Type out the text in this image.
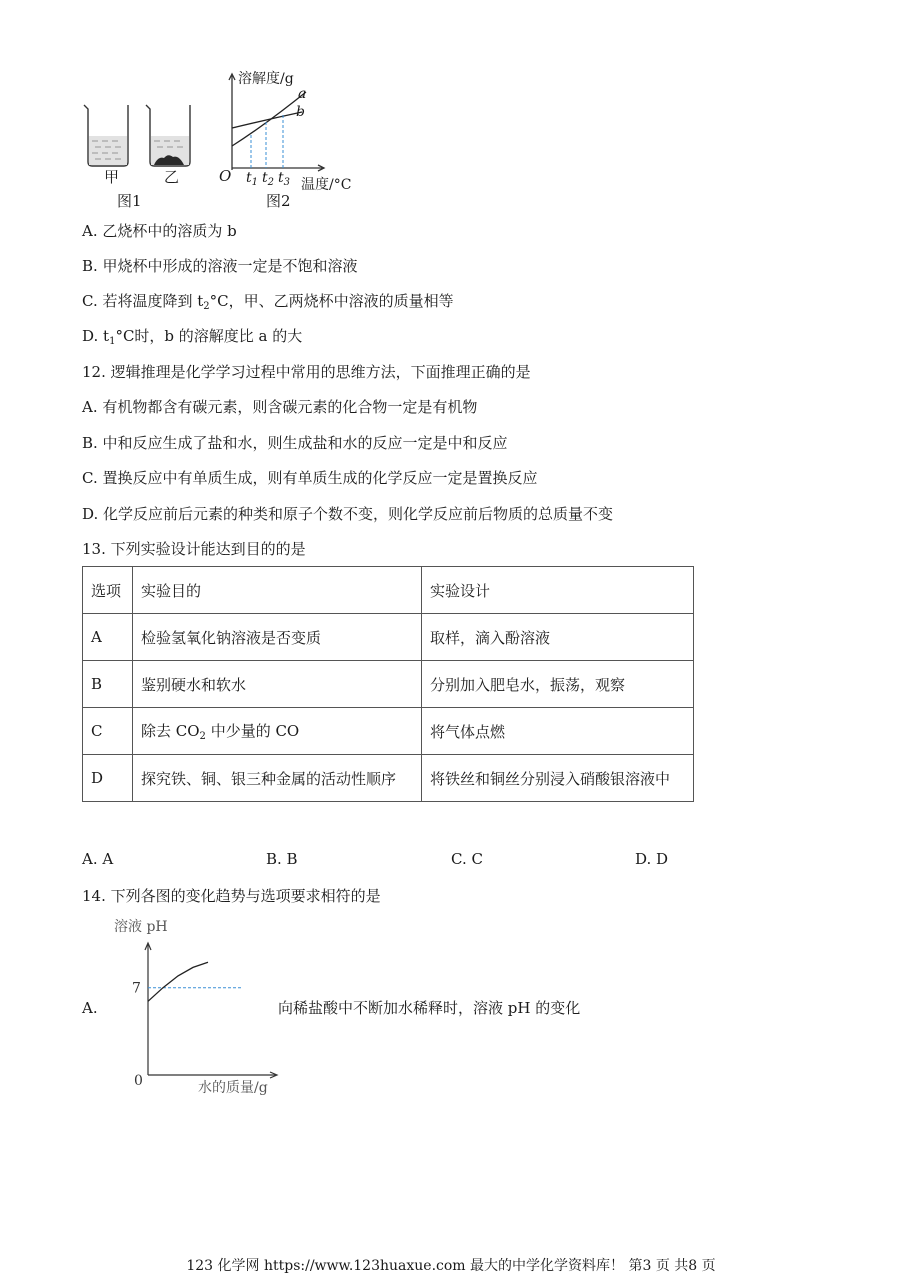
甲	乙
图1
溶解度/g
a
b
O $t_1$ $t_2$ $t_3$ 温度/°C
图2
A. 乙烧杯中的溶质为 b
B. 甲烧杯中形成的溶液一定是不饱和溶液
C. 若将温度降到 $t_2^\circ C$，甲、乙两烧杯中溶液的质量相等
D. $t_1^\circ C$时，b 的溶解度比 a 的大
12. 逻辑推理是化学学习过程中常用的思维方法，下面推理正确的是
A. 有机物都含有碳元素，则含碳元素的化合物一定是有机物
B. 中和反应生成了盐和水，则生成盐和水的反应一定是中和反应
C. 置换反应中有单质生成，则有单质生成的化学反应一定是置换反应
D. 化学反应前后元素的种类和原子个数不变，则化学反应前后物质的总质量不变
13. 下列实验设计能达到目的的是
选项	实验目的	实验设计
A	检验氢氧化钠溶液是否变质	取样，滴入酚溶液
B	鉴别硬水和软水	分别加入肥皂水，振荡，观察
C	除去 $CO_2$ 中少量的 CO	将气体点燃
D	探究铁、铜、银三种金属的活动性顺序	将铁丝和铜丝分别浸入硝酸银溶液中
A. A	B. B	C. C	D. D
14. 下列各图的变化趋势与选项要求相符的是
A.
溶液 pH
7
0	水的质量/g
向稀盐酸中不断加水稀释时，溶液 pH 的变化
123 化学网 https://www.123huaxue.com 最大的中学化学资料库！ 第3 页 共8 页
